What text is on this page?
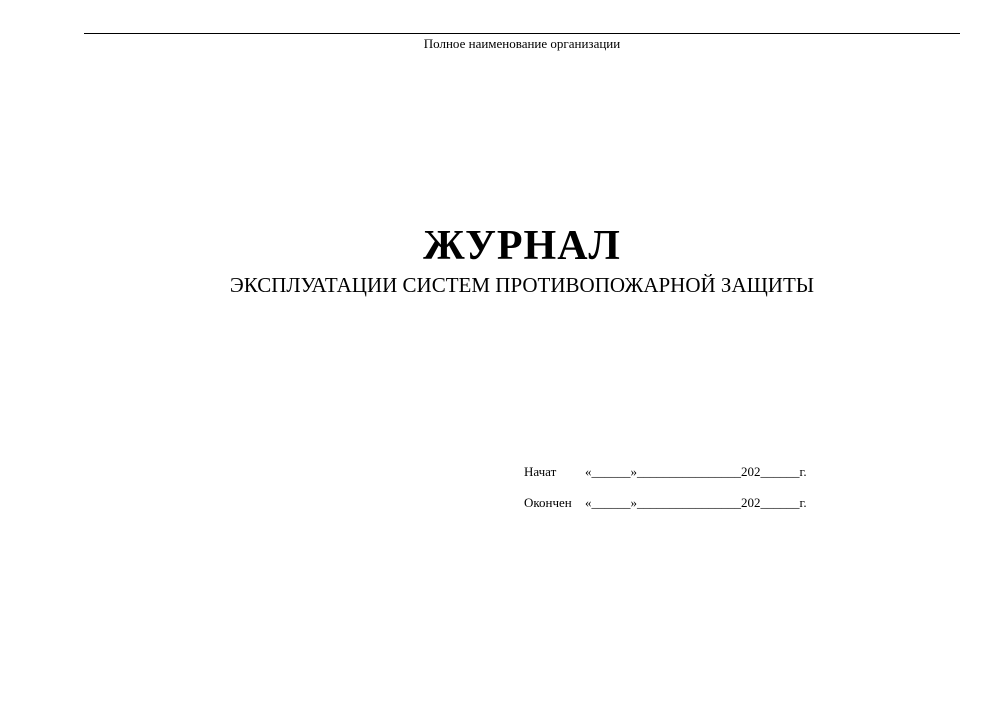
Полное наименование организации
ЖУРНАЛ
ЭКСПЛУАТАЦИИ СИСТЕМ ПРОТИВОПОЖАРНОЙ ЗАЩИТЫ
Начат «______»________________202______г.
Окончен «______»________________202______г.
